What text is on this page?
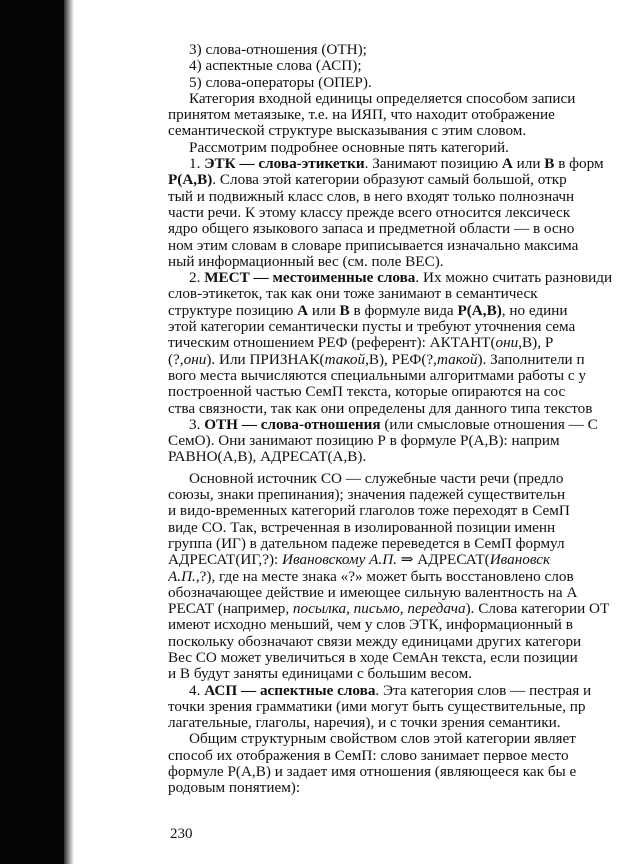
3) слова-отношения (ОТН);
4) аспектные слова (АСП);
5) слова-операторы (ОПЕР).
Категория входной единицы определяется способом записи
принятом метаязыке, т.е. на ИЯП, что находит отображение
семантической структуре высказывания с этим словом.
Рассмотрим подробнее основные пять категорий.
1. ЭТК — слова-этикетки. Занимают позицию А или В в форм
Р(А,В). Слова этой категории образуют самый большой, откр
тый и подвижный класс слов, в него входят только полнозначн
части речи. К этому классу прежде всего относится лексическ
ядро общего языкового запаса и предметной области — в осно
ном этим словам в словаре приписывается изначально максима
ный информационный вес (см. поле ВЕС).
2. МЕСТ — местоименные слова. Их можно считать разновиди
слов-этикеток, так как они тоже занимают в семантическ
структуре позицию А или В в формуле вида Р(А,В), но едини
этой категории семантически пусты и требуют уточнения сема
тическим отношением РЕФ (референт): АКТАНТ(они,В), Р
(?,они). Или ПРИЗНАК(такой,В), РЕФ(?,такой). Заполнители п
вого места вычисляются специальными алгоритмами работы с у
построенной частью СемП текста, которые опираются на сос
ства связности, так как они определены для данного типа текстов
3. ОТН — слова-отношения (или смысловые отношения — С
СемО). Они занимают позицию Р в формуле Р(А,В): наприм
РАВНО(А,В), АДРЕСАТ(А,В).
Основной источник СО — служебные части речи (предло
союзы, знаки препинания); значения падежей существительн
и видо-временных категорий глаголов тоже переходят в СемП
виде СО. Так, встреченная в изолированной позиции именн
группа (ИГ) в дательном падеже переведется в СемП формул
АДРЕСАТ(ИГ,?): Ивановскому А.П. ⇒ АДРЕСАТ(Ивановск
А.П.,?), где на месте знака «?» может быть восстановлено слов
обозначающее действие и имеющее сильную валентность на А
РЕСАТ (например, посылка, письмо, передача). Слова категории ОТ
имеют исходно меньший, чем у слов ЭТК, информационный в
поскольку обозначают связи между единицами других категори
Вес СО может увеличиться в ходе СемАн текста, если позиции
и В будут заняты единицами с большим весом.
4. АСП — аспектные слова. Эта категория слов — пестрая и
точки зрения грамматики (ими могут быть существительные, пр
лагательные, глаголы, наречия), и с точки зрения семантики.
Общим структурным свойством слов этой категории являет
способ их отображения в СемП: слово занимает первое место
формуле Р(А,В) и задает имя отношения (являющееся как бы е
родовым понятием):
230
